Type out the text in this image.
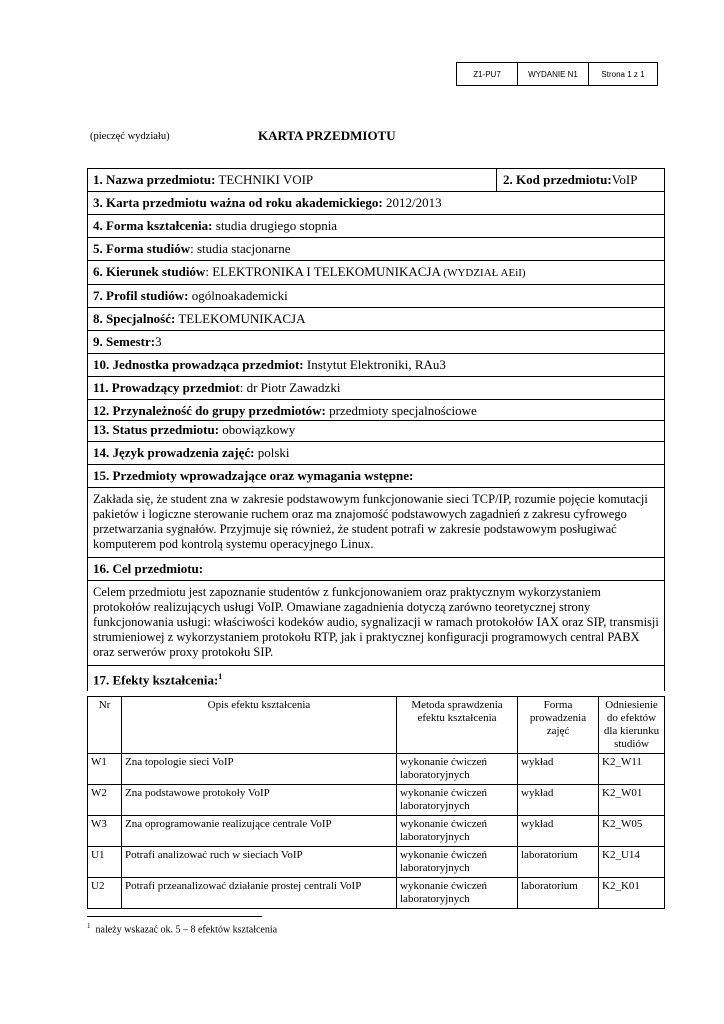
Z1-PU7	WYDANIE N1	Strona 1 z 1
(pieczęć wydziału)	KARTA PRZEDMIOTU
1. Nazwa przedmiotu: TECHNIKI VOIP	2. Kod przedmiotu:VoIP
3. Karta przedmiotu ważna od roku akademickiego: 2012/2013
4. Forma kształcenia: studia drugiego stopnia
5. Forma studiów: studia stacjonarne
6. Kierunek studiów: ELEKTRONIKA I TELEKOMUNIKACJA (WYDZIAŁ AEiI)
7. Profil studiów: ogólnoakademicki
8. Specjalność: TELEKOMUNIKACJA
9. Semestr:3
10. Jednostka prowadząca przedmiot: Instytut Elektroniki, RAu3
11. Prowadzący przedmiot: dr Piotr Zawadzki
12. Przynależność do grupy przedmiotów: przedmioty specjalnościowe
13. Status przedmiotu: obowiązkowy
14. Język prowadzenia zajęć: polski
15. Przedmioty wprowadzające oraz wymagania wstępne:
Zakłada się, że student zna w zakresie podstawowym funkcjonowanie sieci TCP/IP, rozumie pojęcie komutacji pakietów i logiczne sterowanie ruchem oraz ma znajomość podstawowych zagadnień z zakresu cyfrowego przetwarzania sygnałów. Przyjmuje się również, że student potrafi w zakresie podstawowym posługiwać komputerem pod kontrolą systemu operacyjnego Linux.
16. Cel przedmiotu:
Celem przedmiotu jest zapoznanie studentów z funkcjonowaniem oraz praktycznym wykorzystaniem protokołów realizujących usługi VoIP. Omawiane zagadnienia dotyczą zarówno teoretycznej strony funkcjonowania usługi: właściwości kodeków audio, sygnalizacji w ramach protokołów IAX oraz SIP, transmisji strumieniowej z wykorzystaniem protokołu RTP, jak i praktycznej konfiguracji programowych central PABX oraz serwerów proxy protokołu SIP.
17. Efekty kształcenia:$^1$
Nr	Opis efektu kształcenia	Metoda sprawdzenia efektu kształcenia	Forma prowadzenia zajęć	Odniesienie do efektów dla kierunku studiów
W1	Zna topologie sieci VoIP	wykonanie ćwiczeń laboratoryjnych	wykład	K2_W11
W2	Zna podstawowe protokoły VoIP	wykonanie ćwiczeń laboratoryjnych	wykład	K2_W01
W3	Zna oprogramowanie realizujące centrale VoIP	wykonanie ćwiczeń laboratoryjnych	wykład	K2_W05
U1	Potrafi analizować ruch w sieciach VoIP	wykonanie ćwiczeń laboratoryjnych	laboratorium	K2_U14
U2	Potrafi przeanalizować działanie prostej centrali VoIP	wykonanie ćwiczeń laboratoryjnych	laboratorium	K2_K01
$^1$ należy wskazać ok. 5 – 8 efektów kształcenia
